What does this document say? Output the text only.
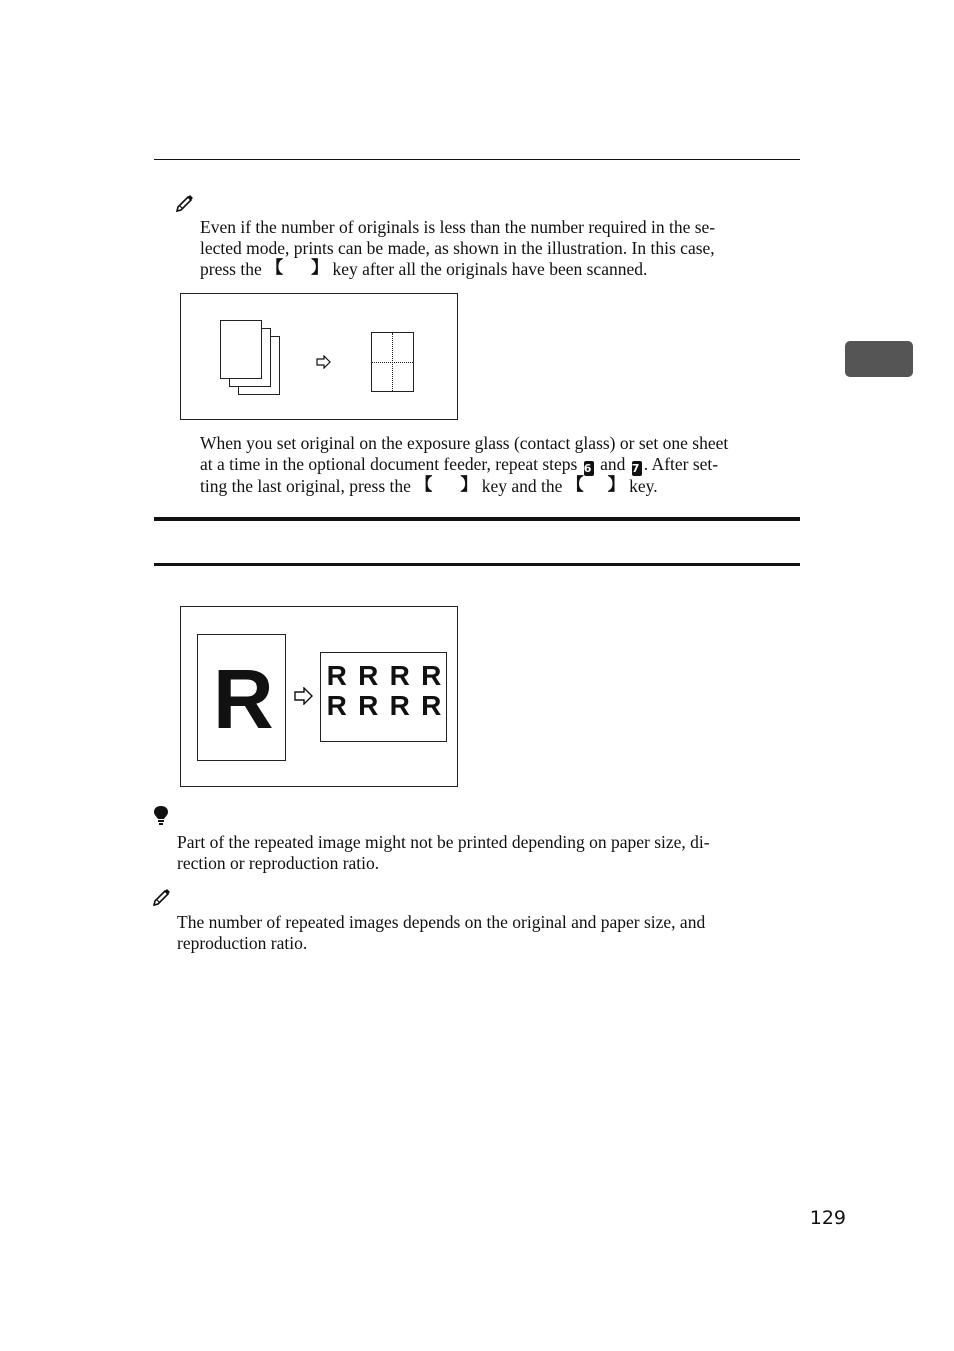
Even if the number of originals is less than the number required in the se-
lected mode, prints can be made, as shown in the illustration. In this case,
press the 【   】	key after all the originals have been scanned.

When you set original on the exposure glass (contact glass) or set one sheet
at a time in the optional document feeder, repeat steps 6 and 7 . After set-
ting the last original, press the 【   】	key and the 【   】	key.

R R R R R
R R R R

Part of the repeated image might not be printed depending on paper size, di-
rection or reproduction ratio.

The number of repeated images depends on the original and paper size, and
reproduction ratio.

129
